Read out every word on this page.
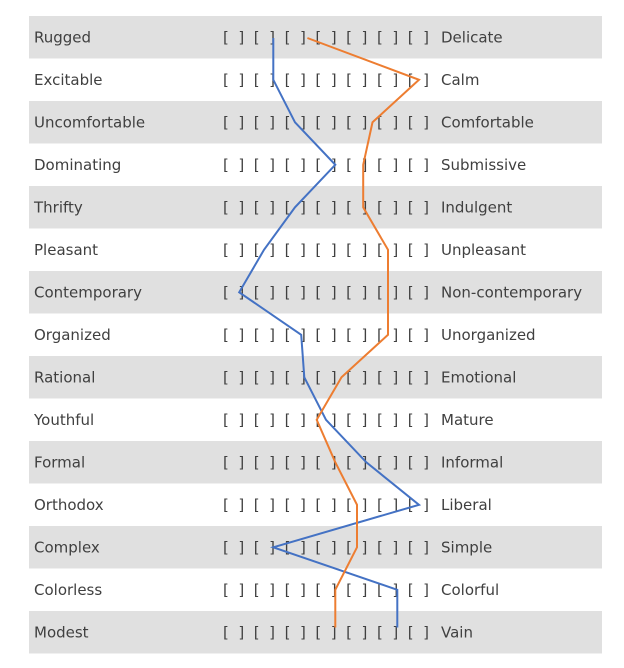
Rugged	[ ] [ ] [ ] [ ] [ ] [ ] [ ] Delicate
Excitable	[ ] [ ] [ ] [ ] [ ] [ ] [ ] Calm
Uncomfortable	[ ] [ ] [ ] [ ] [ ] [ ] [ ] Comfortable
Dominating	[ ] [ ] [ ] [ ] [ ] [ ] [ ] Submissive
Thrifty	[ ] [ ] [ ] [ ] [ ] [ ] [ ] Indulgent
Pleasant	[ ] [ ] [ ] [ ] [ ] [ ] [ ] Unpleasant
Contemporary	[ ] [ ] [ ] [ ] [ ] [ ] [ ] Non-contemporary
Organized	[ ] [ ] [ ] [ ] [ ] [ ] [ ] Unorganized
Rational	[ ] [ ] [ ] [ ] [ ] [ ] [ ] Emotional
Youthful	[ ] [ ] [ ] [ ] [ ] [ ] [ ] Mature
Formal	[ ] [ ] [ ] [ ] [ ] [ ] [ ] Informal
Orthodox	[ ] [ ] [ ] [ ] [ ] [ ] [ ] Liberal
Complex	[ ] [ ] [ ] [ ] [ ] [ ] [ ] Simple
Colorless	[ ] [ ] [ ] [ ] [ ] [ ] [ ] Colorful
Modest	[ ] [ ] [ ] [ ] [ ] [ ] [ ] Vain
